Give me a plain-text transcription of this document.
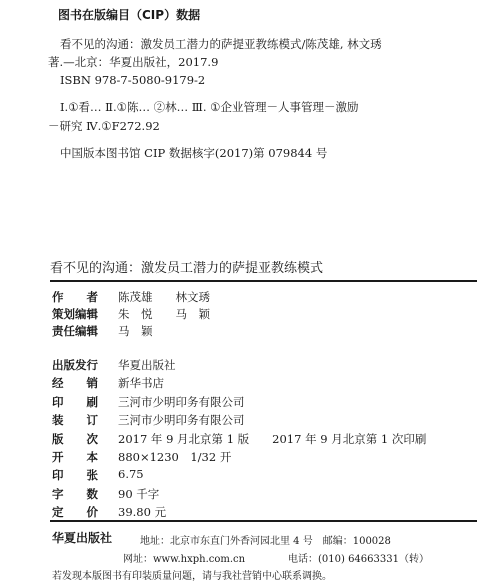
图书在版编目（CIP）数据
看不见的沟通：激发员工潜力的萨提亚教练模式/陈茂雄, 林文琇
著.—北京：华夏出版社，2017.9
ISBN 978-7-5080-9179-2
Ⅰ.①看… Ⅱ.①陈… ②林… Ⅲ. ①企业管理－人事管理－激励
－研究 Ⅳ.①F272.92
中国版本图书馆 CIP 数据核字(2017)第 079844 号
看不见的沟通：激发员工潜力的萨提亚教练模式
作　　者	陈茂雄　　林文琇
策划编辑	朱　悦　　马　颖
责任编辑	马　颖
出版发行	华夏出版社
经　　销	新华书店
印　　刷	三河市少明印务有限公司
装　　订	三河市少明印务有限公司
版　　次	2017 年 9 月北京第 1 版　　2017 年 9 月北京第 1 次印刷
开　　本	880×1230　1/32 开
印　　张	6.75
字　　数	90 千字
定　　价	39.80 元
华夏出版社	地址：北京市东直门外香河园北里 4 号　邮编：100028
网址：www.hxph.com.cn	电话：(010) 64663331（转）
若发现本版图书有印装质量问题，请与我社营销中心联系调换。
